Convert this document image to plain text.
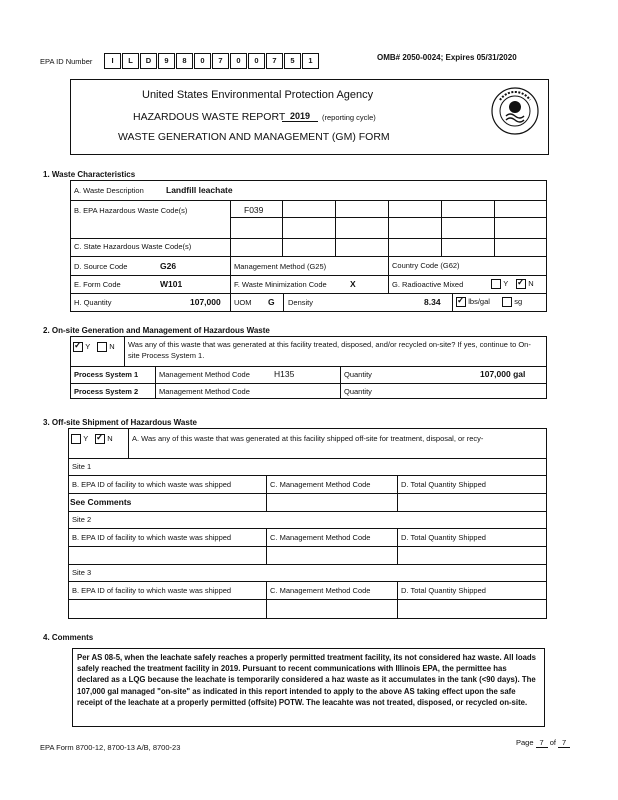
EPA ID Number	I	L	D	9	8	0	7	0	0	7	5	1	OMB# 2050-0024; Expires 05/31/2020
United States Environmental Protection Agency
HAZARDOUS WASTE REPORT 2019	(reporting cycle)
WASTE GENERATION AND MANAGEMENT (GM) FORM
1. Waste Characteristics
A. Waste Description	Landfill leachate
B. EPA Hazardous Waste Code(s)	F039
C. State Hazardous Waste Code(s)
D. Source Code	G26	Management Method (G25)	Country Code (G62)
E. Form Code	W101	F. Waste Minimization Code	X	G. Radioactive Mixed	Y ✓	N
H. Quantity	107,000 UOM G Density	8.34 ✓	lbs/gal	sg
2. On-site Generation and Management of Hazardous Waste
✓ Y	N Was any of this waste that was generated at this facility treated, disposed, and/or recycled on-site? If yes, continue to On-site Process System 1.
Process System 1	Management Method Code	H135	Quantity	107,000 gal
Process System 2	Management Method Code	Quantity
3. Off-site Shipment of Hazardous Waste
Y ✓	N	A. Was any of this waste that was generated at this facility shipped off-site for treatment, disposal, or recy-
Site 1
B. EPA ID of facility to which waste was shipped	C. Management Method Code	D. Total Quantity Shipped
See Comments
Site 2
B. EPA ID of facility to which waste was shipped	C. Management Method Code	D. Total Quantity Shipped
Site 3
B. EPA ID of facility to which waste was shipped	C. Management Method Code	D. Total Quantity Shipped
4. Comments
Per AS 08-5, when the leachate safely reaches a properly permitted treatment facility, its not considered haz waste. All loads safely reached the treatment facility in 2019. Pursuant to recent communications with Illinois EPA, the permittee has declared as a LQG because the leachate is temporarily considered a haz waste as it accumulates in the tank (<90 days). The 107,000 gal managed "on-site" as indicated in this report intended to apply to the above AS taking effect upon the safe receipt of the leachate at a properly permitted (offsite) POTW. The leacahte was not treated, disposed, or recycled on-site.
EPA Form 8700-12, 8700-13 A/B, 8700-23
Page 7 of 7
